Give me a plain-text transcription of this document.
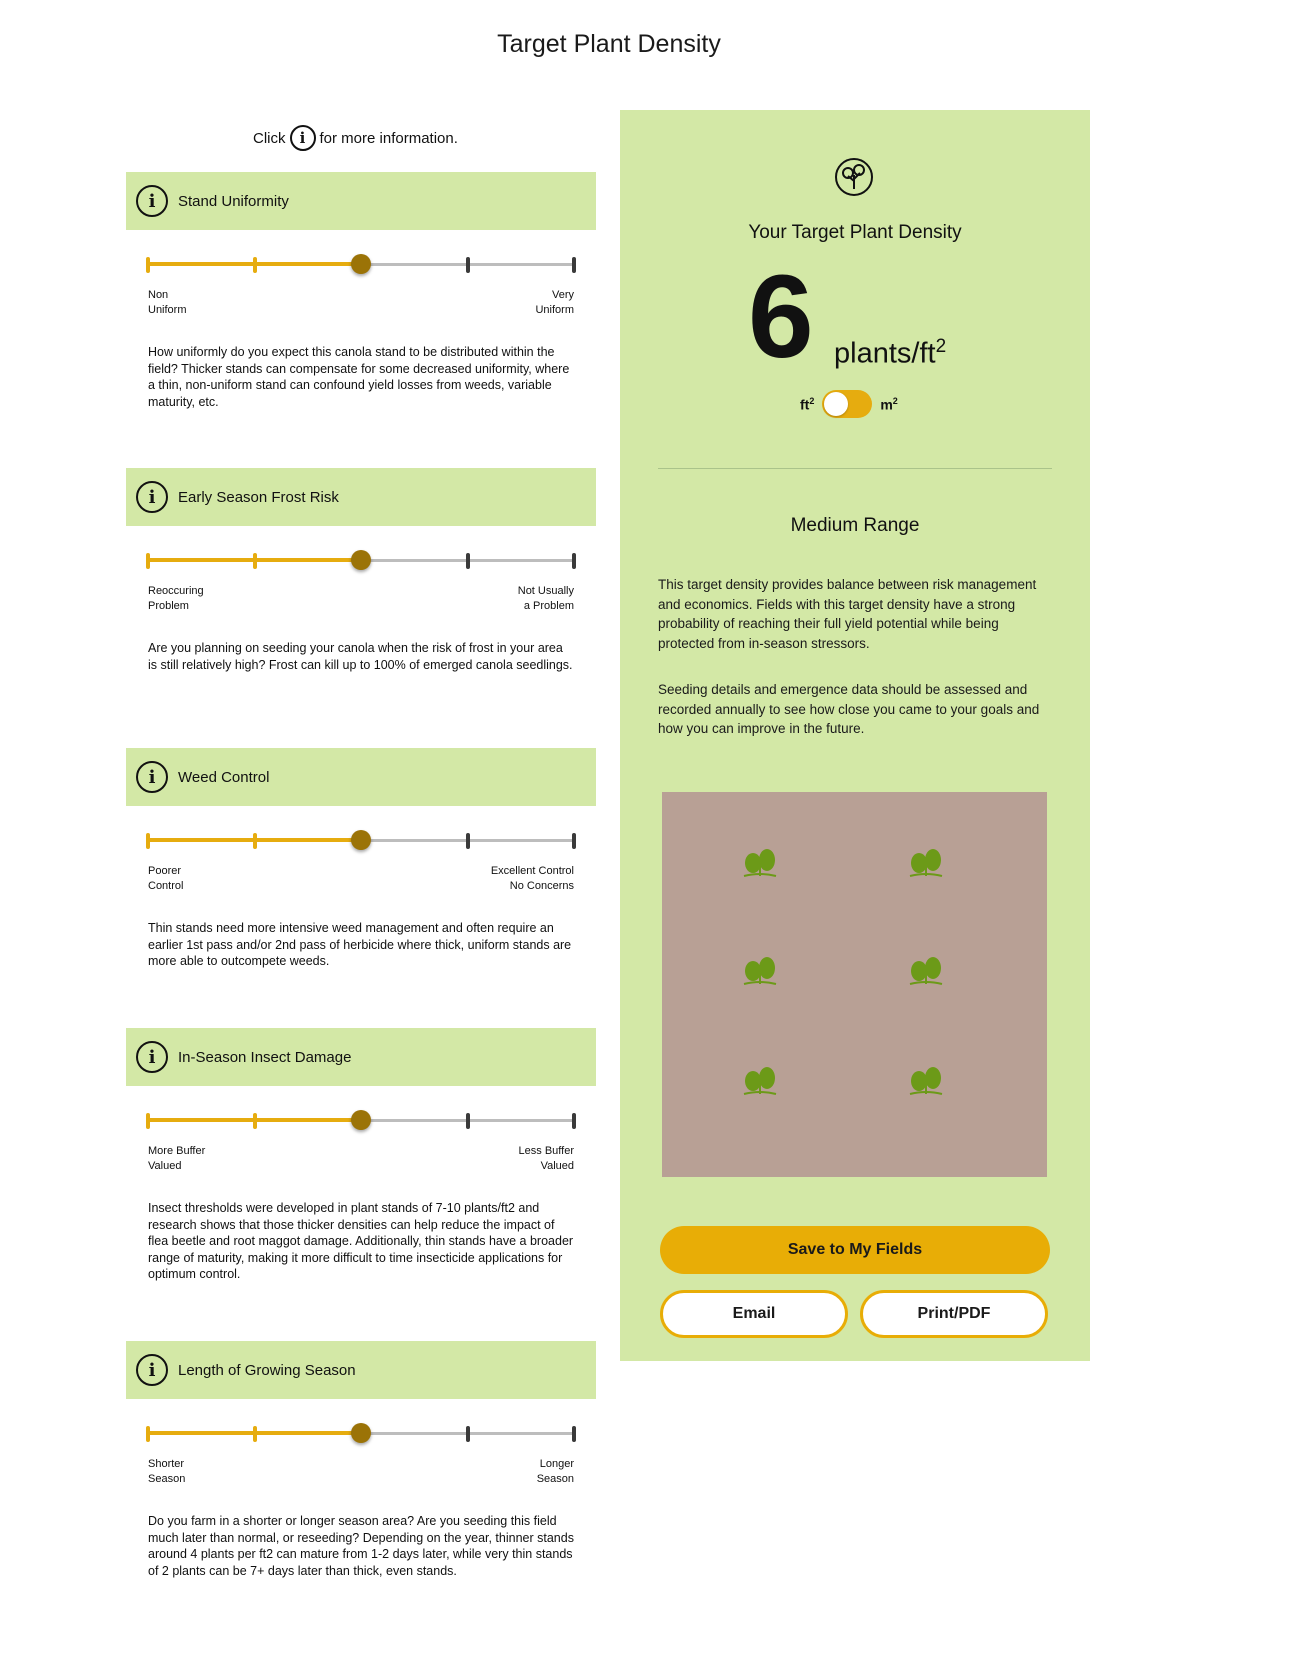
Target Plant Density
Click i for more information.
i	Stand Uniformity
Non
Uniform
Very
Uniform
How uniformly do you expect this canola stand to be distributed within the field? Thicker stands can compensate for some decreased uniformity, where a thin, non-uniform stand can confound yield losses from weeds, variable maturity, etc.
i	Early Season Frost Risk
Reoccuring
Problem
Not Usually
a Problem
Are you planning on seeding your canola when the risk of frost in your area is still relatively high? Frost can kill up to 100% of emerged canola seedlings.
i	Weed Control
Poorer
Control
Excellent Control
No Concerns
Thin stands need more intensive weed management and often require an earlier 1st pass and/or 2nd pass of herbicide where thick, uniform stands are more able to outcompete weeds.
i	In-Season Insect Damage
More Buffer
Valued
Less Buffer
Valued
Insect thresholds were developed in plant stands of 7-10 plants/ft2 and research shows that those thicker densities can help reduce the impact of flea beetle and root maggot damage. Additionally, thin stands have a broader range of maturity, making it more difficult to time insecticide applications for optimum control.
i	Length of Growing Season
Shorter
Season
Longer
Season
Do you farm in a shorter or longer season area? Are you seeding this field much later than normal, or reseeding? Depending on the year, thinner stands around 4 plants per ft2 can mature from 1-2 days later, while very thin stands of 2 plants can be 7+ days later than thick, even stands.
Your Target Plant Density
6 plants/$ft^2$
$ft^2$	$m^2$
Medium Range
This target density provides balance between risk management and economics. Fields with this target density have a strong probability of reaching their full yield potential while being protected from in-season stressors.
Seeding details and emergence data should be assessed and recorded annually to see how close you came to your goals and how you can improve in the future.
Save to My Fields
Email	Print/PDF
